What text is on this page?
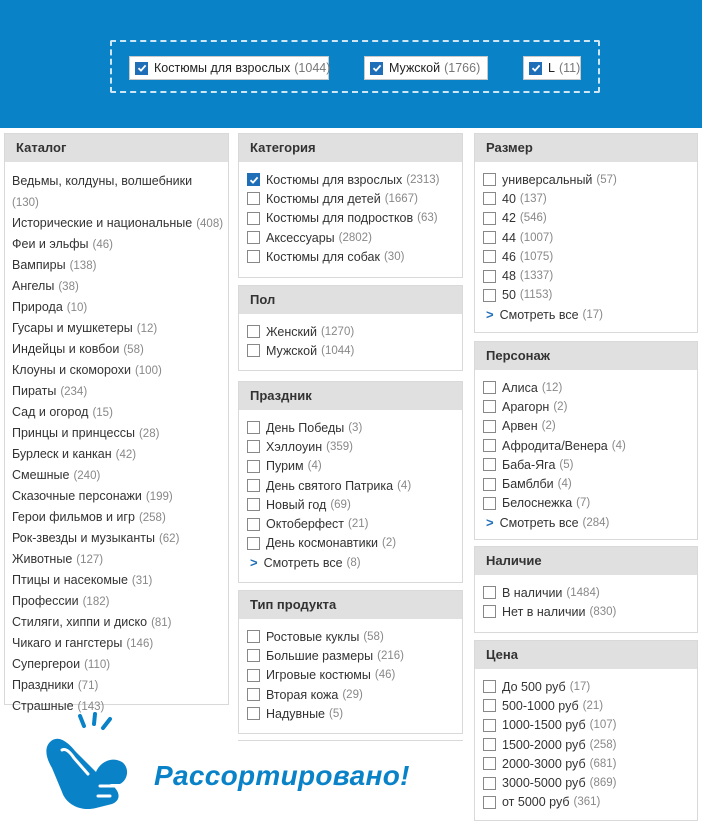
Костюмы для взрослых (1044)	Мужской (1766)	L (11)
Каталог
Ведьмы, колдуны, волшебники
(130)
Исторические и национальные (408)
Феи и эльфы (46)
Вампиры (138)
Ангелы (38)
Природа (10)
Гусары и мушкетеры (12)
Индейцы и ковбои (58)
Клоуны и скоморохи (100)
Пираты (234)
Сад и огород (15)
Принцы и принцессы (28)
Бурлеск и канкан (42)
Смешные (240)
Сказочные персонажи (199)
Герои фильмов и игр (258)
Рок-звезды и музыканты (62)
Животные (127)
Птицы и насекомые (31)
Професcии (182)
Стиляги, хиппи и диско (81)
Чикаго и гангстеры (146)
Супергерои (110)
Праздники (71)
Страшные (143)
Категория
Костюмы для взрослых (2313)
Костюмы для детей (1667)
Костюмы для подростков (63)
Аксессуары (2802)
Костюмы для собак (30)
Пол
Женский (1270)
Мужской (1044)
Праздник
День Победы (3)
Хэллоуин (359)
Пурим (4)
День святого Патрика (4)
Новый год (69)
Октоберфест (21)
День космонавтики (2)
> Смотреть все (8)
Тип продукта
Ростовые куклы (58)
Большие размеры (216)
Игровые костюмы (46)
Вторая кожа (29)
Надувные (5)
Размер
универсальный (57)
40 (137)
42 (546)
44 (1007)
46 (1075)
48 (1337)
50 (1153)
> Смотреть все (17)
Персонаж
Алиса (12)
Арагорн (2)
Арвен (2)
Афродита/Венера (4)
Баба-Яга (5)
Бамблби (4)
Белоснежка (7)
> Смотреть все (284)
Наличие
В наличии (1484)
Нет в наличии (830)
Цена
До 500 руб (17)
500-1000 руб (21)
1000-1500 руб (107)
1500-2000 руб (258)
2000-3000 руб (681)
3000-5000 руб (869)
от 5000 руб (361)
Рассортировано!
